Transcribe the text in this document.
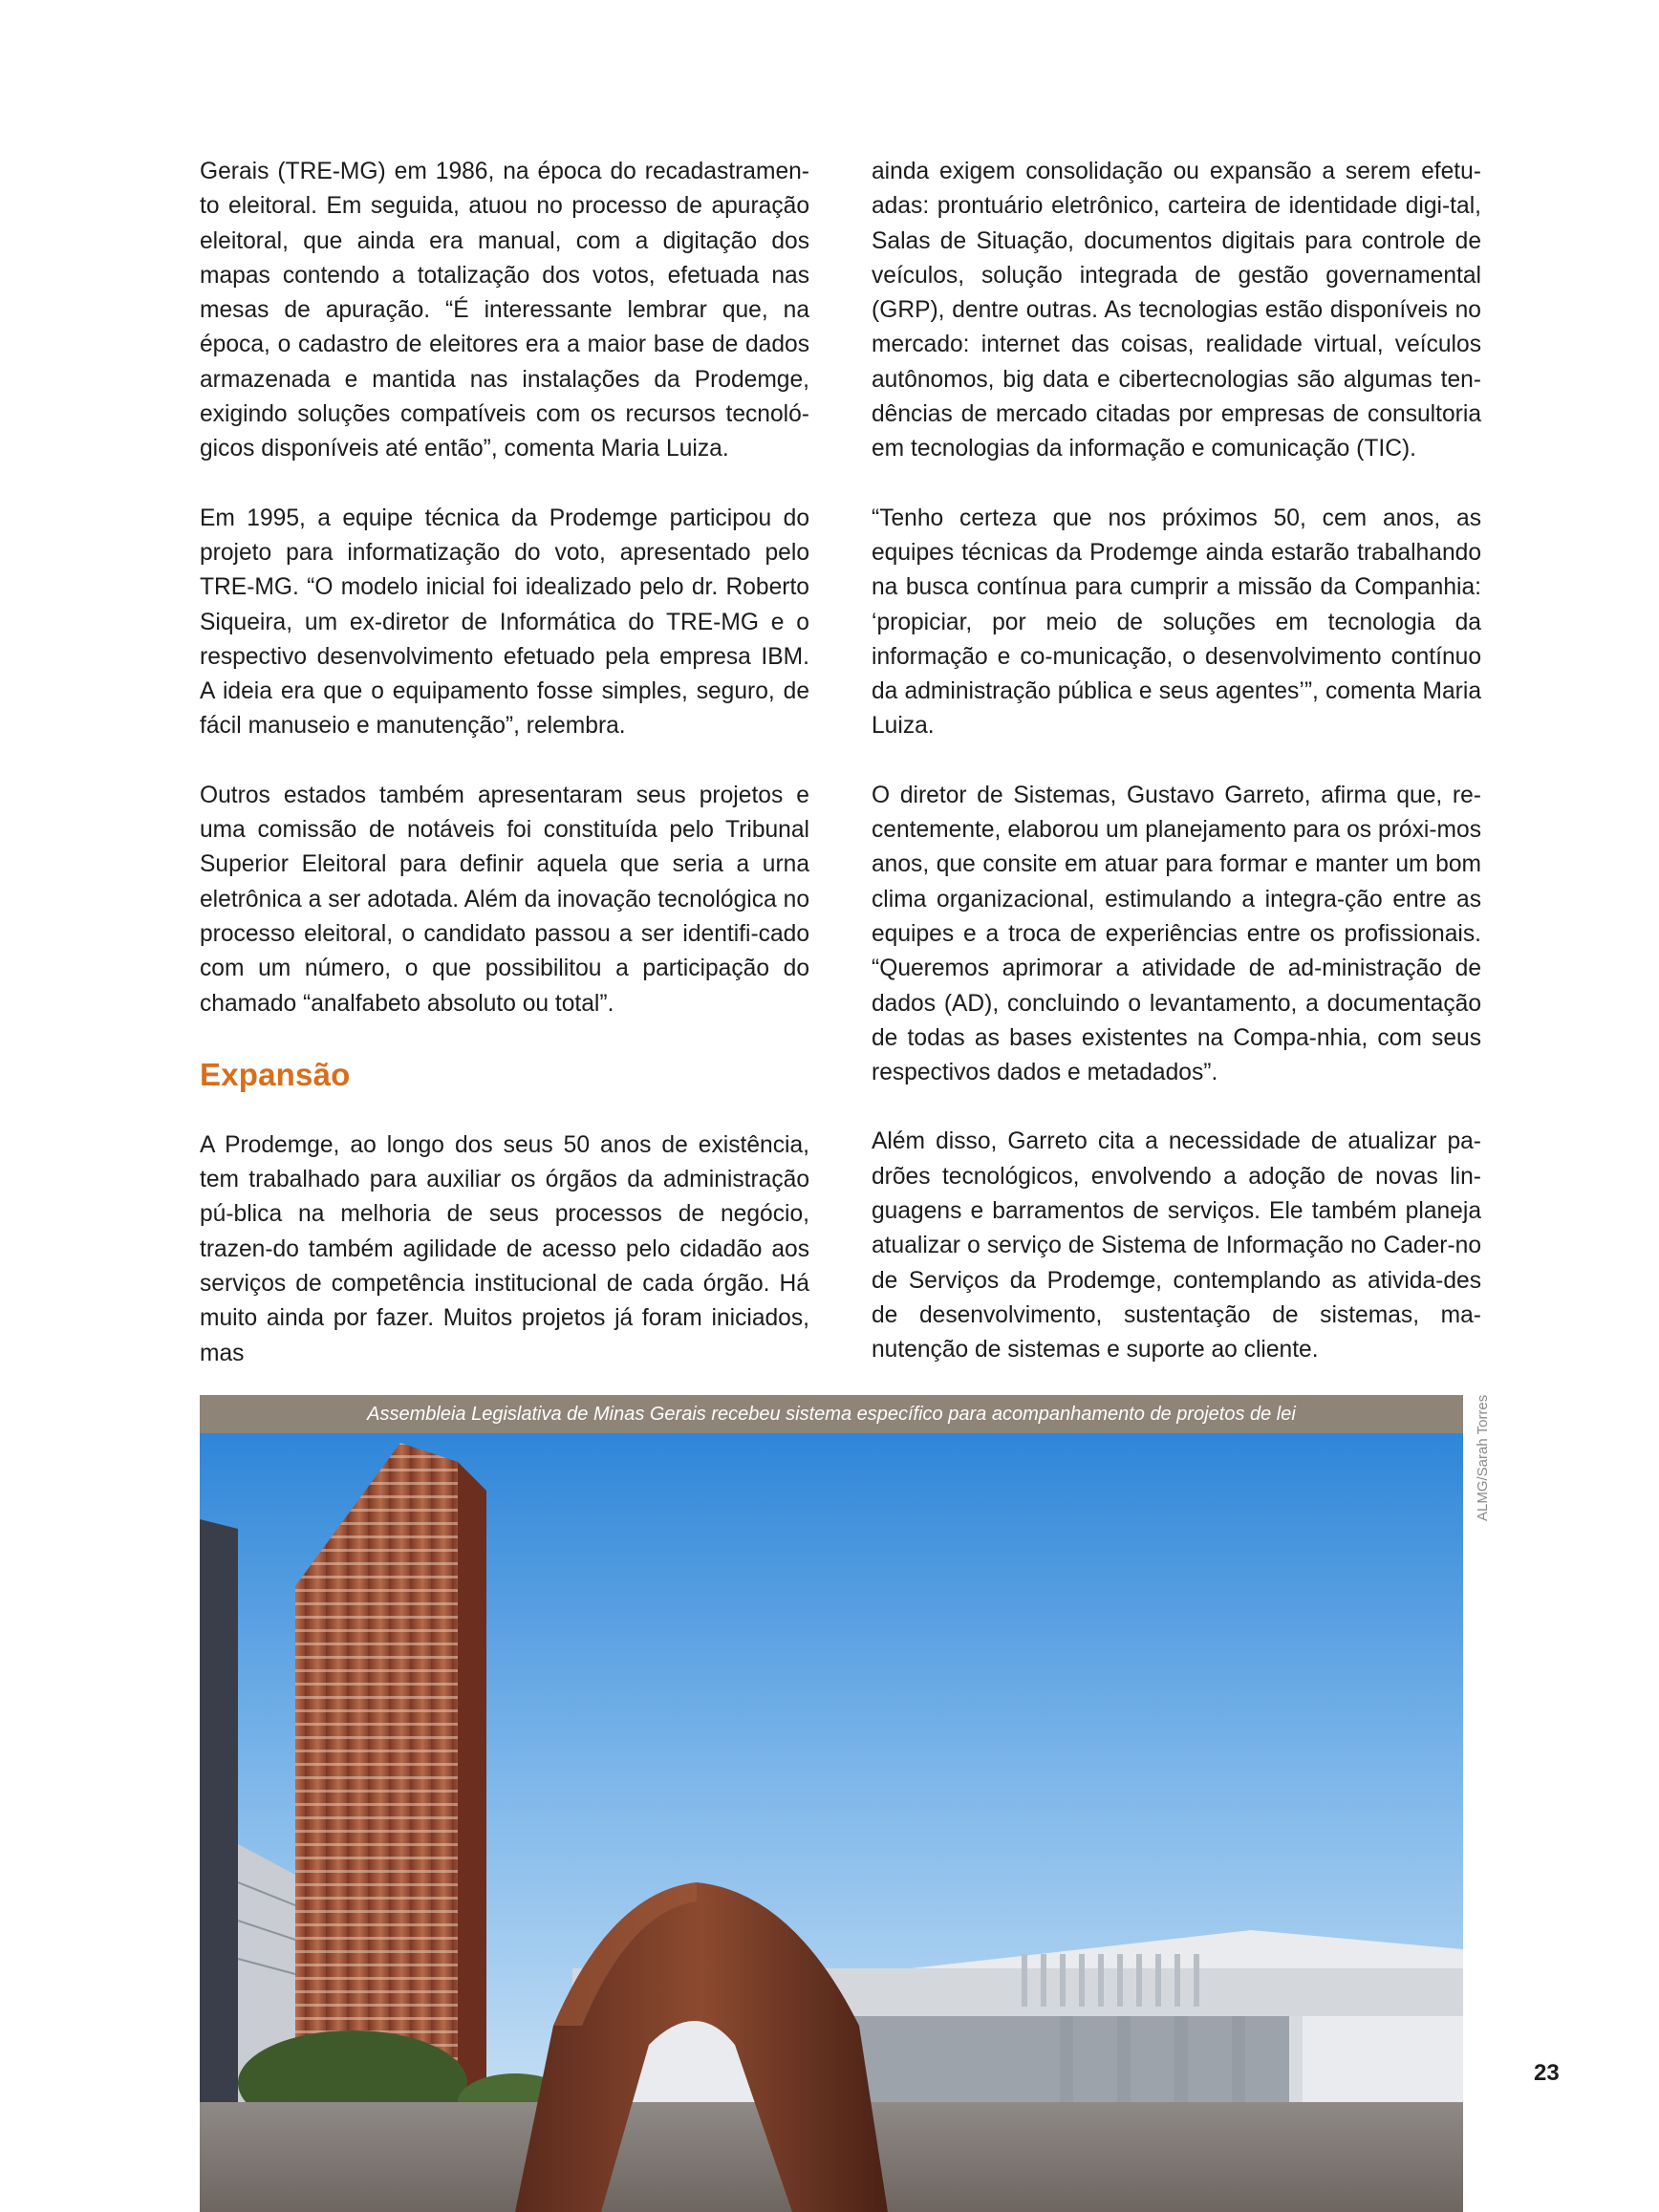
Gerais (TRE-MG) em 1986, na época do recadastramen-to eleitoral. Em seguida, atuou no processo de apuração eleitoral, que ainda era manual, com a digitação dos mapas contendo a totalização dos votos, efetuada nas mesas de apuração. “É interessante lembrar que, na época, o cadastro de eleitores era a maior base de dados armazenada e mantida nas instalações da Prodemge, exigindo soluções compatíveis com os recursos tecnoló-gicos disponíveis até então”, comenta Maria Luiza.

Em 1995, a equipe técnica da Prodemge participou do projeto para informatização do voto, apresentado pelo TRE-MG. “O modelo inicial foi idealizado pelo dr. Roberto Siqueira, um ex-diretor de Informática do TRE-MG e o respectivo desenvolvimento efetuado pela empresa IBM. A ideia era que o equipamento fosse simples, seguro, de fácil manuseio e manutenção”, relembra.

Outros estados também apresentaram seus projetos e uma comissão de notáveis foi constituída pelo Tribunal Superior Eleitoral para definir aquela que seria a urna eletrônica a ser adotada. Além da inovação tecnológica no processo eleitoral, o candidato passou a ser identifi-cado com um número, o que possibilitou a participação do chamado “analfabeto absoluto ou total”.

Expansão

A Prodemge, ao longo dos seus 50 anos de existência, tem trabalhado para auxiliar os órgãos da administração pú-blica na melhoria de seus processos de negócio, trazen-do também agilidade de acesso pelo cidadão aos serviços de competência institucional de cada órgão. Há muito ainda por fazer. Muitos projetos já foram iniciados, mas

ainda exigem consolidação ou expansão a serem efetu-adas: prontuário eletrônico, carteira de identidade digi-tal, Salas de Situação, documentos digitais para controle de veículos, solução integrada de gestão governamental (GRP), dentre outras. As tecnologias estão disponíveis no mercado: internet das coisas, realidade virtual, veículos autônomos, big data e cibertecnologias são algumas ten-dências de mercado citadas por empresas de consultoria em tecnologias da informação e comunicação (TIC).

“Tenho certeza que nos próximos 50, cem anos, as equipes técnicas da Prodemge ainda estarão trabalhando na busca contínua para cumprir a missão da Companhia: ‘propiciar, por meio de soluções em tecnologia da informação e co-municação, o desenvolvimento contínuo da administração pública e seus agentes’”, comenta Maria Luiza.

O diretor de Sistemas, Gustavo Garreto, afirma que, re-centemente, elaborou um planejamento para os próxi-mos anos, que consite em atuar para formar e manter um bom clima organizacional, estimulando a integra-ção entre as equipes e a troca de experiências entre os profissionais. “Queremos aprimorar a atividade de ad-ministração de dados (AD), concluindo o levantamento, a documentação de todas as bases existentes na Compa-nhia, com seus respectivos dados e metadados”.

Além disso, Garreto cita a necessidade de atualizar pa-drões tecnológicos, envolvendo a adoção de novas lin-guagens e barramentos de serviços. Ele também planeja atualizar o serviço de Sistema de Informação no Cader-no de Serviços da Prodemge, contemplando as ativida-des de desenvolvimento, sustentação de sistemas, ma-nutenção de sistemas e suporte ao cliente.

Assembleia Legislativa de Minas Gerais recebeu sistema específico para acompanhamento de projetos de lei	ALMG/Sarah Torres
23
